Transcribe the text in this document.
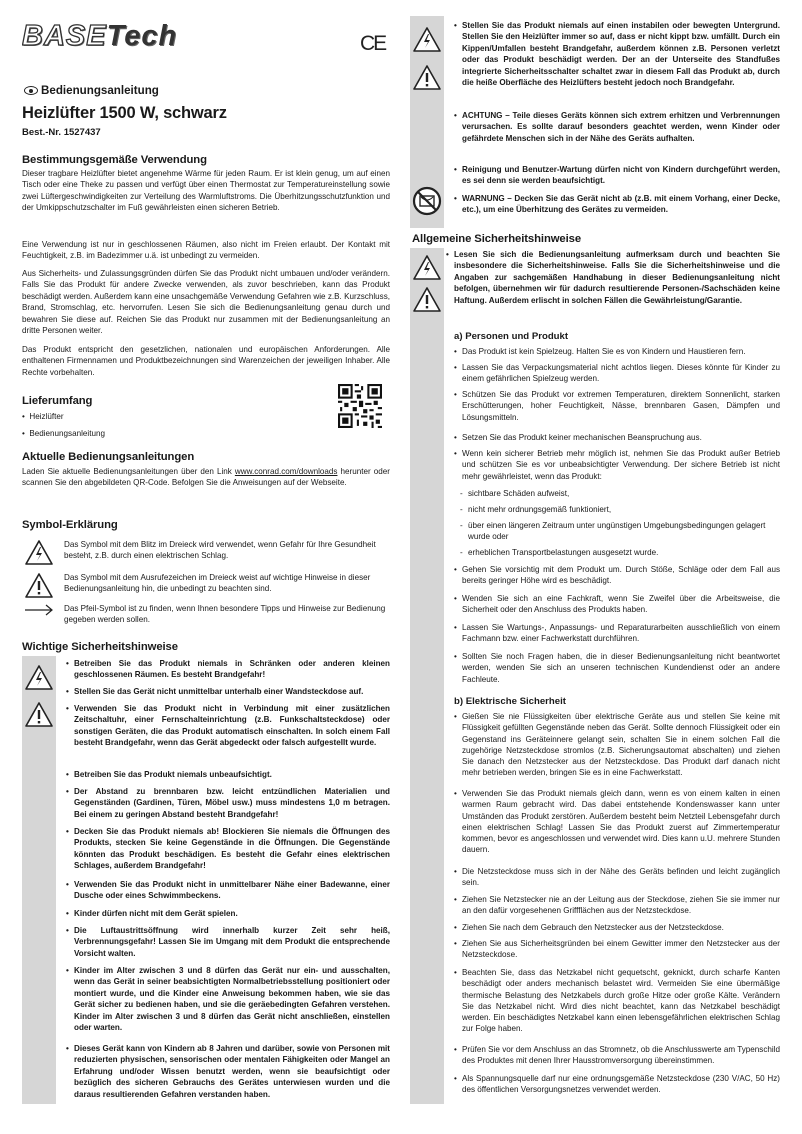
BASETech	CE
Bedienungsanleitung
Heizlüfter 1500 W, schwarz
Best.-Nr. 1527437
Bestimmungsgemäße Verwendung
Dieser tragbare Heizlüfter bietet angenehme Wärme für jeden Raum. Er ist klein genug, um auf einen Tisch oder eine Theke zu passen und verfügt über einen Thermostat zur Temperatureinstellung sowie zwei Lüftergeschwindigkeiten zur Verteilung des Warmluftstroms. Die Überhitzungsschutzfunktion und der Umkippschutzschalter im Fuß gewährleisten einen sicheren Betrieb.
Eine Verwendung ist nur in geschlossenen Räumen, also nicht im Freien erlaubt. Der Kontakt mit Feuchtigkeit, z.B. im Badezimmer u.ä. ist unbedingt zu vermeiden.
Aus Sicherheits- und Zulassungsgründen dürfen Sie das Produkt nicht umbauen und/oder verändern. Falls Sie das Produkt für andere Zwecke verwenden, als zuvor beschrieben, kann das Produkt beschädigt werden. Außerdem kann eine unsachgemäße Verwendung Gefahren wie z.B. Kurzschluss, Brand, Stromschlag, etc. hervorrufen. Lesen Sie sich die Bedienungsanleitung genau durch und bewahren Sie diese auf. Reichen Sie das Produkt nur zusammen mit der Bedienungsanleitung an dritte Personen weiter.
Das Produkt entspricht den gesetzlichen, nationalen und europäischen Anforderungen. Alle enthaltenen Firmennamen und Produktbezeichnungen sind Warenzeichen der jeweiligen Inhaber. Alle Rechte vorbehalten.
Lieferumfang
•  Heizlüfter
•  Bedienungsanleitung
Aktuelle Bedienungsanleitungen
Laden Sie aktuelle Bedienungsanleitungen über den Link www.conrad.com/downloads herunter oder scannen Sie den abgebildeten QR-Code. Befolgen Sie die Anweisungen auf der Webseite.
Symbol-Erklärung
Das Symbol mit dem Blitz im Dreieck wird verwendet, wenn Gefahr für Ihre Gesundheit besteht, z.B. durch einen elektrischen Schlag.
Das Symbol mit dem Ausrufezeichen im Dreieck weist auf wichtige Hinweise in dieser Bedienungsanleitung hin, die unbedingt zu beachten sind.
Das Pfeil-Symbol ist zu finden, wenn Ihnen besondere Tipps und Hinweise zur Bedienung gegeben werden sollen.
Wichtige Sicherheitshinweise
• Betreiben Sie das Produkt niemals in Schränken oder anderen kleinen geschlossenen Räumen. Es besteht Brandgefahr!
• Stellen Sie das Gerät nicht unmittelbar unterhalb einer Wandsteckdose auf.
• Verwenden Sie das Produkt nicht in Verbindung mit einer zusätzlichen Zeitschaltuhr, einer Fernschalteinrichtung (z.B. Funkschaltsteckdose) oder sonstigen Geräten, die das Produkt automatisch einschalten. In solch einem Fall besteht Brandgefahr, wenn das Gerät abgedeckt oder falsch aufgestellt wurde.
• Betreiben Sie das Produkt niemals unbeaufsichtigt.
• Der Abstand zu brennbaren bzw. leicht entzündlichen Materialien und Gegenständen (Gardinen, Türen, Möbel usw.) muss mindestens 1,0 m betragen. Bei einem zu geringen Abstand besteht Brandgefahr!
• Decken Sie das Produkt niemals ab! Blockieren Sie niemals die Öffnungen des Produkts, stecken Sie keine Gegenstände in die Öffnungen. Die Gegenstände könnten das Produkt beschädigen. Es besteht die Gefahr eines elektrischen Schlages, außerdem Brandgefahr!
• Verwenden Sie das Produkt nicht in unmittelbarer Nähe einer Badewanne, einer Dusche oder eines Schwimmbeckens.
• Kinder dürfen nicht mit dem Gerät spielen.
• Die Luftaustrittsöffnung wird innerhalb kurzer Zeit sehr heiß, Verbrennungsgefahr! Lassen Sie im Umgang mit dem Produkt die entsprechende Vorsicht walten.
• Kinder im Alter zwischen 3 und 8 dürfen das Gerät nur ein- und ausschalten, wenn das Gerät in seiner beabsichtigten Normalbetriebsstellung positioniert oder montiert wurde, und die Kinder eine Anweisung bekommen haben, wie sie das Gerät sicher zu bedienen haben, und sie die geräebedingten Gefahren verstehen. Kinder im Alter zwischen 3 und 8 dürfen das Gerät nicht anschließen, einstellen oder warten.
• Dieses Gerät kann von Kindern ab 8 Jahren und darüber, sowie von Personen mit reduzierten physischen, sensorischen oder mentalen Fähigkeiten oder Mangel an Erfahrung und/oder Wissen benutzt werden, wenn sie beaufsichtigt oder bezüglich des sicheren Gebrauchs des Gerätes unterwiesen wurden und die daraus resultierenden Gefahren verstanden haben.
• Stellen Sie das Produkt niemals auf einen instabilen oder bewegten Untergrund. Stellen Sie den Heizlüfter immer so auf, dass er nicht kippt bzw. umfällt. Durch ein Kippen/Umfallen besteht Brandgefahr, außerdem können z.B. Personen verletzt oder das Produkt beschädigt werden. Der an der Unterseite des Standfußes integrierte Sicherheitsschalter schaltet zwar in diesem Fall das Produkt ab, durch die heiße Oberfläche des Heizlüfters besteht jedoch noch Brandgefahr.
• ACHTUNG – Teile dieses Geräts können sich extrem erhitzen und Verbrennungen verursachen. Es sollte darauf besonders geachtet werden, wenn Kinder oder gefährdete Menschen sich in der Nähe des Geräts aufhalten.
• Reinigung und Benutzer-Wartung dürfen nicht von Kindern durchgeführt werden, es sei denn sie werden beaufsichtigt.
• WARNUNG – Decken Sie das Gerät nicht ab (z.B. mit einem Vorhang, einer Decke, etc.), um eine Überhitzung des Gerätes zu vermeiden.
Allgemeine Sicherheitshinweise
• Lesen Sie sich die Bedienungsanleitung aufmerksam durch und beachten Sie insbesondere die Sicherheitshinweise. Falls Sie die Sicherheitshinweise und die Angaben zur sachgemäßen Handhabung in dieser Bedienungsanleitung nicht befolgen, übernehmen wir für dadurch resultierende Personen-/Sachschäden keine Haftung. Außerdem erlischt in solchen Fällen die Gewährleistung/Garantie.
a) Personen und Produkt
• Das Produkt ist kein Spielzeug. Halten Sie es von Kindern und Haustieren fern.
• Lassen Sie das Verpackungsmaterial nicht achtlos liegen. Dieses könnte für Kinder zu einem gefährlichen Spielzeug werden.
• Schützen Sie das Produkt vor extremen Temperaturen, direktem Sonnenlicht, starken Erschütterungen, hoher Feuchtigkeit, Nässe, brennbaren Gasen, Dämpfen und Lösungsmitteln.
• Setzen Sie das Produkt keiner mechanischen Beanspruchung aus.
• Wenn kein sicherer Betrieb mehr möglich ist, nehmen Sie das Produkt außer Betrieb und schützen Sie es vor unbeabsichtigter Verwendung. Der sichere Betrieb ist nicht mehr gewährleistet, wenn das Produkt:
- sichtbare Schäden aufweist,
- nicht mehr ordnungsgemäß funktioniert,
- über einen längeren Zeitraum unter ungünstigen Umgebungsbedingungen gelagert wurde oder
- erheblichen Transportbelastungen ausgesetzt wurde.
• Gehen Sie vorsichtig mit dem Produkt um. Durch Stöße, Schläge oder dem Fall aus bereits geringer Höhe wird es beschädigt.
• Wenden Sie sich an eine Fachkraft, wenn Sie Zweifel über die Arbeitsweise, die Sicherheit oder den Anschluss des Produkts haben.
• Lassen Sie Wartungs-, Anpassungs- und Reparaturarbeiten ausschließlich von einem Fachmann bzw. einer Fachwerkstatt durchführen.
• Sollten Sie noch Fragen haben, die in dieser Bedienungsanleitung nicht beantwortet werden, wenden Sie sich an unseren technischen Kundendienst oder an andere Fachleute.
b) Elektrische Sicherheit
• Gießen Sie nie Flüssigkeiten über elektrische Geräte aus und stellen Sie keine mit Flüssigkeit gefüllten Gegenstände neben das Gerät. Sollte dennoch Flüssigkeit oder ein Gegenstand ins Geräteinnere gelangt sein, schalten Sie in einem solchen Fall die zugehörige Netzsteckdose stromlos (z.B. Sicherungsautomat abschalten) und ziehen Sie danach den Netzstecker aus der Netzsteckdose. Das Produkt darf danach nicht mehr betrieben werden, bringen Sie es in eine Fachwerkstatt.
• Verwenden Sie das Produkt niemals gleich dann, wenn es von einem kalten in einen warmen Raum gebracht wird. Das dabei entstehende Kondenswasser kann unter Umständen das Produkt zerstören. Außerdem besteht beim Netzteil Lebensgefahr durch einen elektrischen Schlag! Lassen Sie das Produkt zuerst auf Zimmertemperatur kommen, bevor es angeschlossen und verwendet wird. Dies kann u.U. mehrere Stunden dauern.
• Die Netzsteckdose muss sich in der Nähe des Geräts befinden und leicht zugänglich sein.
• Ziehen Sie Netzstecker nie an der Leitung aus der Steckdose, ziehen Sie sie immer nur an den dafür vorgesehenen Griffflächen aus der Netzsteckdose.
• Ziehen Sie nach dem Gebrauch den Netzstecker aus der Netzsteckdose.
• Ziehen Sie aus Sicherheitsgründen bei einem Gewitter immer den Netzstecker aus der Netzsteckdose.
• Beachten Sie, dass das Netzkabel nicht gequetscht, geknickt, durch scharfe Kanten beschädigt oder anders mechanisch belastet wird. Vermeiden Sie eine übermäßige thermische Belastung des Netzkabels durch große Hitze oder große Kälte. Verändern Sie das Netzkabel nicht. Wird dies nicht beachtet, kann das Netzkabel beschädigt werden. Ein beschädigtes Netzkabel kann einen lebensgefährlichen elektrischen Schlag zur Folge haben.
• Prüfen Sie vor dem Anschluss an das Stromnetz, ob die Anschlusswerte am Typenschild des Produktes mit denen Ihrer Hausstromversorgung übereinstimmen.
• Als Spannungsquelle darf nur eine ordnungsgemäße Netzsteckdose (230 V/AC, 50 Hz) des öffentlichen Versorgungsnetzes verwendet werden.
